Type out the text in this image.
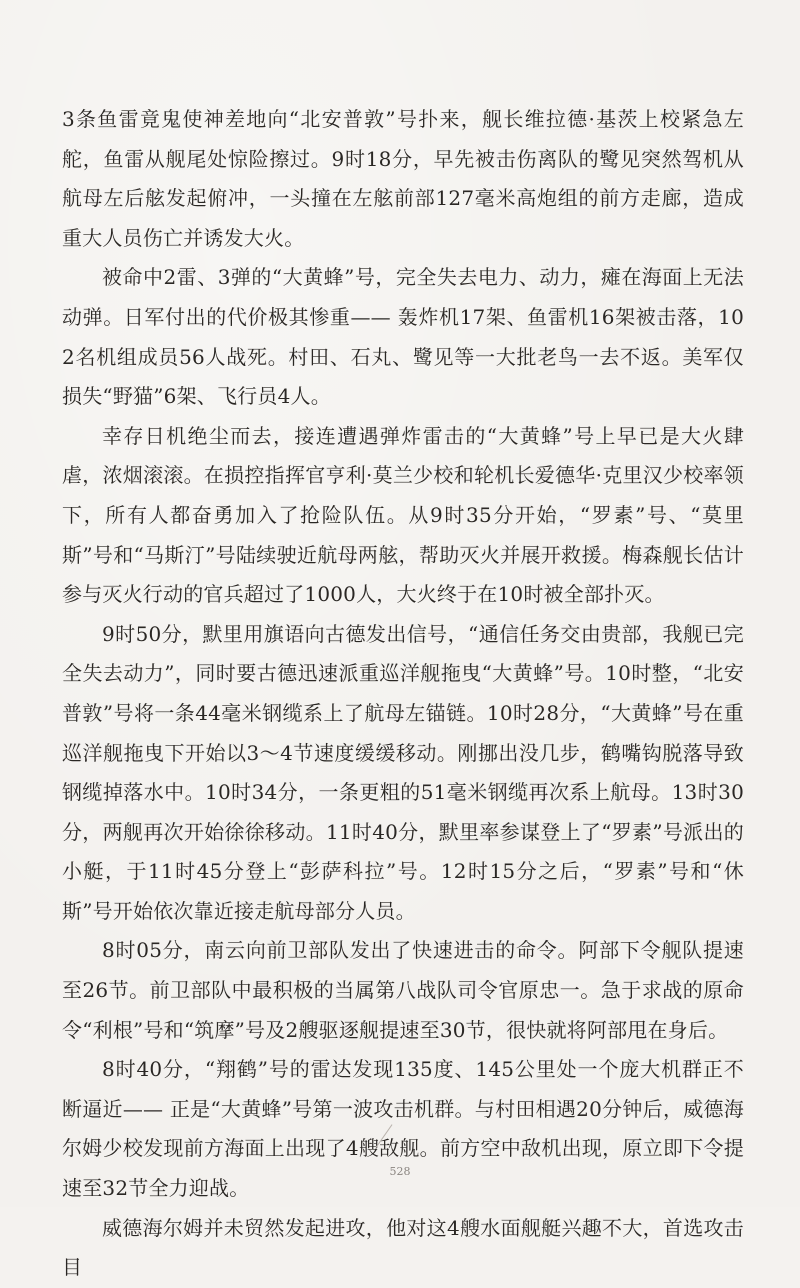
3条鱼雷竟鬼使神差地向“北安普敦”号扑来，舰长维拉德·基茨上校紧急左舵，鱼雷从舰尾处惊险擦过。9时18分，早先被击伤离队的鹭见突然驾机从航母左后舷发起俯冲，一头撞在左舷前部127毫米高炮组的前方走廊，造成重大人员伤亡并诱发大火。

被命中2雷、3弹的“大黄蜂”号，完全失去电力、动力，瘫在海面上无法动弹。日军付出的代价极其惨重—— 轰炸机17架、鱼雷机16架被击落，102名机组成员56人战死。村田、石丸、鹭见等一大批老鸟一去不返。美军仅损失“野猫”6架、飞行员4人。

幸存日机绝尘而去，接连遭遇弹炸雷击的“大黄蜂”号上早已是大火肆虐，浓烟滚滚。在损控指挥官亨利·莫兰少校和轮机长爱德华·克里汉少校率领下，所有人都奋勇加入了抢险队伍。从9时35分开始，“罗素”号、“莫里斯”号和“马斯汀”号陆续驶近航母两舷，帮助灭火并展开救援。梅森舰长估计参与灭火行动的官兵超过了1000人，大火终于在10时被全部扑灭。

9时50分，默里用旗语向古德发出信号，“通信任务交由贵部，我舰已完全失去动力”，同时要古德迅速派重巡洋舰拖曳“大黄蜂”号。10时整，“北安普敦”号将一条44毫米钢缆系上了航母左锚链。10时28分，“大黄蜂”号在重巡洋舰拖曳下开始以3～4节速度缓缓移动。刚挪出没几步，鹤嘴钩脱落导致钢缆掉落水中。10时34分，一条更粗的51毫米钢缆再次系上航母。13时30分，两舰再次开始徐徐移动。11时40分，默里率参谋登上了“罗素”号派出的小艇，于11时45分登上“彭萨科拉”号。12时15分之后，“罗素”号和“休斯”号开始依次靠近接走航母部分人员。

8时05分，南云向前卫部队发出了快速进击的命令。阿部下令舰队提速至26节。前卫部队中最积极的当属第八战队司令官原忠一。急于求战的原命令“利根”号和“筑摩”号及2艘驱逐舰提速至30节，很快就将阿部甩在身后。

8时40分，“翔鹤”号的雷达发现135度、145公里处一个庞大机群正不断逼近—— 正是“大黄蜂”号第一波攻击机群。与村田相遇20分钟后，威德海尔姆少校发现前方海面上出现了4艘敌舰。前方空中敌机出现，原立即下令提速至32节全力迎战。

威德海尔姆并未贸然发起进攻，他对这4艘水面舰艇兴趣不大，首选攻击目

528
